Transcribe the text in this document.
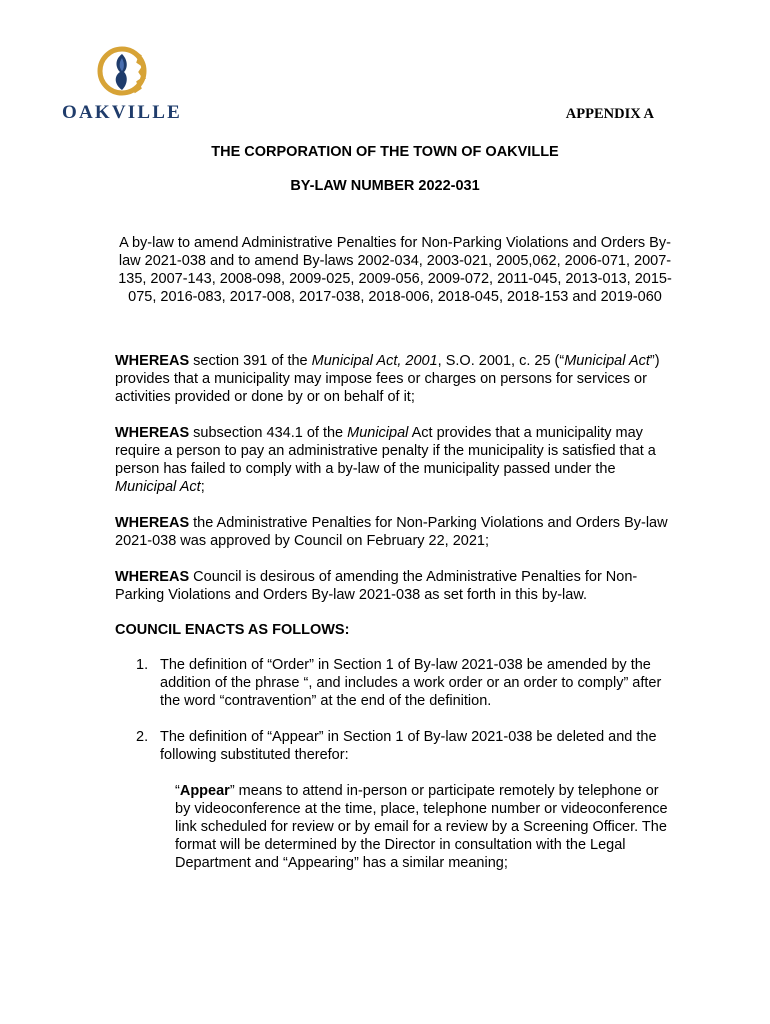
OAKVILLE	APPENDIX A
THE CORPORATION OF THE TOWN OF OAKVILLE
BY-LAW NUMBER 2022-031
A by-law to amend Administrative Penalties for Non-Parking Violations and Orders By-law 2021-038 and to amend By-laws 2002-034, 2003-021, 2005,062, 2006-071, 2007-135, 2007-143, 2008-098, 2009-025, 2009-056, 2009-072, 2011-045, 2013-013, 2015-075, 2016-083, 2017-008, 2017-038, 2018-006, 2018-045, 2018-153 and 2019-060
WHEREAS section 391 of the Municipal Act, 2001, S.O. 2001, c. 25 (“Municipal Act”) provides that a municipality may impose fees or charges on persons for services or activities provided or done by or on behalf of it;
WHEREAS subsection 434.1 of the Municipal Act provides that a municipality may require a person to pay an administrative penalty if the municipality is satisfied that a person has failed to comply with a by-law of the municipality passed under the Municipal Act;
WHEREAS the Administrative Penalties for Non-Parking Violations and Orders By-law 2021-038 was approved by Council on February 22, 2021;
WHEREAS Council is desirous of amending the Administrative Penalties for Non-Parking Violations and Orders By-law 2021-038 as set forth in this by-law.
COUNCIL ENACTS AS FOLLOWS:
1. The definition of “Order” in Section 1 of By-law 2021-038 be amended by the addition of the phrase “, and includes a work order or an order to comply” after the word “contravention” at the end of the definition.
2. The definition of “Appear” in Section 1 of By-law 2021-038 be deleted and the following substituted therefor:
“Appear” means to attend in-person or participate remotely by telephone or by videoconference at the time, place, telephone number or videoconference link scheduled for review or by email for a review by a Screening Officer. The format will be determined by the Director in consultation with the Legal Department and “Appearing” has a similar meaning;
